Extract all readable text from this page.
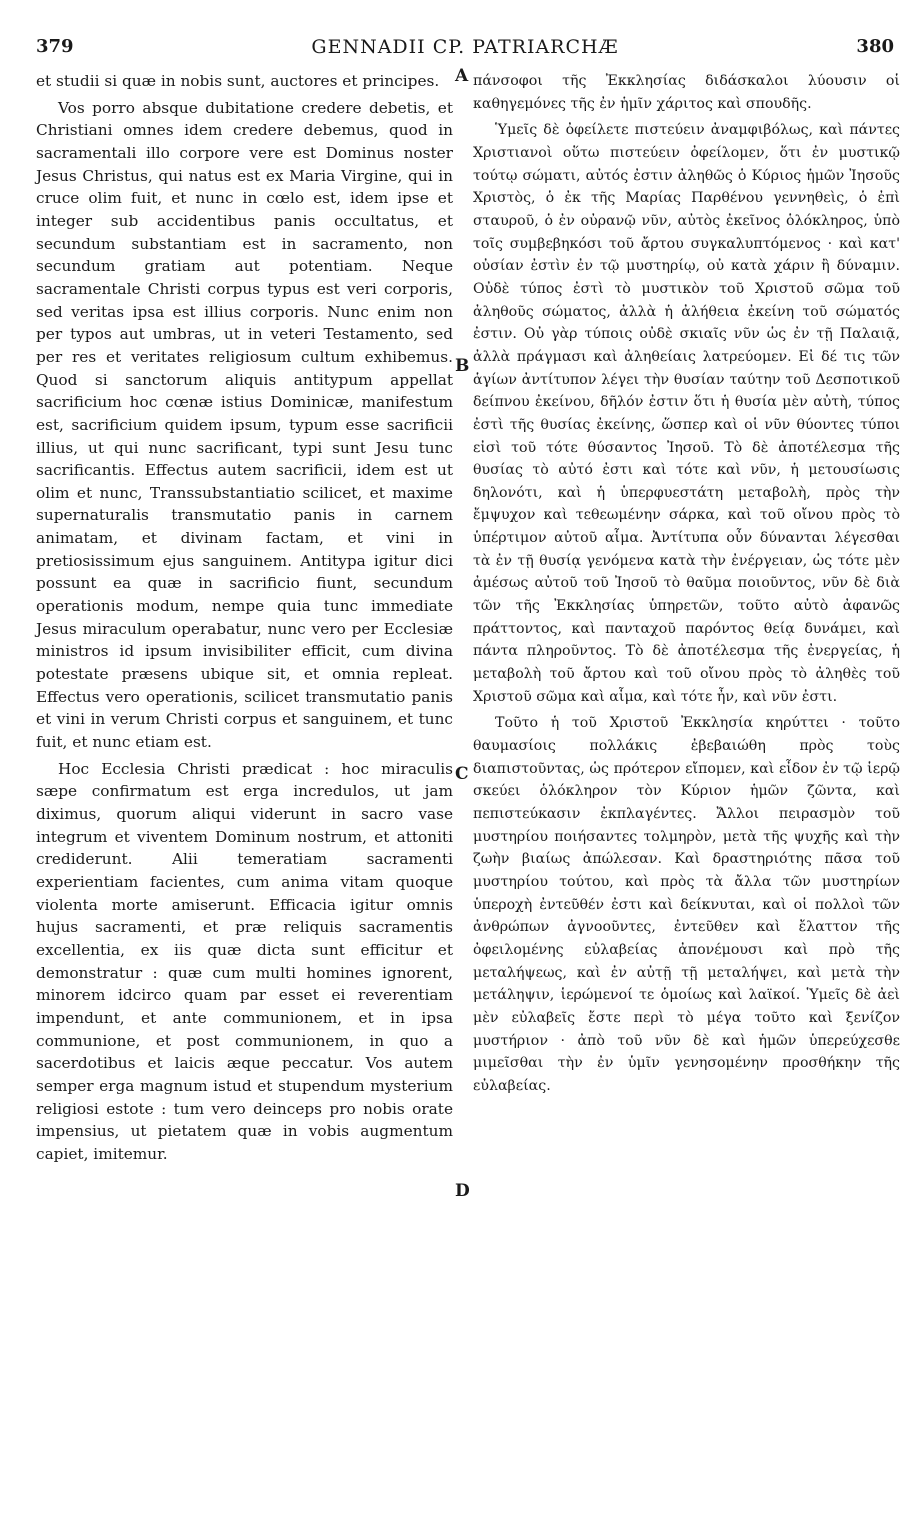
379	GENNADII CP. PATRIARCHÆ	380

et studii si quæ in nobis sunt, auctores et principes.

Vos porro absque dubitatione credere debetis, et Christiani omnes idem credere debemus, quod in sacramentali illo corpore vere est Dominus noster Jesus Christus, qui natus est ex Maria Virgine, qui in cruce olim fuit, et nunc in cœlo est, idem ipse et integer sub accidentibus panis occultatus, et secundum substantiam est in sacramento, non secundum gratiam aut potentiam. Neque sacramentale Christi corpus typus est veri corporis, sed veritas ipsa est illius corporis. Nunc enim non per typos aut umbras, ut in veteri Testamento, sed per res et veritates religiosum cultum exhibemus. Quod si sanctorum aliquis antitypum appellat sacrificium hoc cœnæ istius Dominicæ, manifestum est, sacrificium quidem ipsum, typum esse sacrificii illius, ut qui nunc sacrificant, typi sunt Jesu tunc sacrificantis. Effectus autem sacrificii, idem est ut olim et nunc, Transsubstantiatio scilicet, et maxime supernaturalis transmutatio panis in carnem animatam, et divinam factam, et vini in pretiosissimum ejus sanguinem. Antitypa igitur dici possunt ea quæ in sacrificio fiunt, secundum operationis modum, nempe quia tunc immediate Jesus miraculum operabatur, nunc vero per Ecclesiæ ministros id ipsum invisibiliter efficit, cum divina potestate præsens ubique sit, et omnia repleat. Effectus vero operationis, scilicet transmutatio panis et vini in verum Christi corpus et sanguinem, et tunc fuit, et nunc etiam est.

Hoc Ecclesia Christi prædicat : hoc miraculis sæpe confirmatum est erga incredulos, ut jam diximus, quorum aliqui viderunt in sacro vase integrum et viventem Dominum nostrum, et attoniti crediderunt. Alii temeratiam sacramenti experientiam facientes, cum anima vitam quoque violenta morte amiserunt. Efficacia igitur omnis hujus sacramenti, et præ reliquis sacramentis excellentia, ex iis quæ dicta sunt efficitur et demonstratur : quæ cum multi homines ignorent, minorem idcirco quam par esset ei reverentiam impendunt, et ante communionem, et in ipsa communione, et post communionem, in quo a sacerdotibus et laicis æque peccatur. Vos autem semper erga magnum istud et stupendum mysterium religiosi estote : tum vero deinceps pro nobis orate impensius, ut pietatem quæ in vobis augmentum capiet, imitemur.

A
B
C
D

πάνσοφοι τῆς Ἐκκλησίας διδάσκαλοι λύουσιν οἱ καθηγεμόνες τῆς ἐν ἡμῖν χάριτος καὶ σπουδῆς.

Ὑμεῖς δὲ ὀφείλετε πιστεύειν ἀναμφιβόλως, καὶ πάντες Χριστιανοὶ οὕτω πιστεύειν ὀφείλομεν, ὅτι ἐν μυστικῷ τούτῳ σώματι, αὐτός ἐστιν ἀληθῶς ὁ Κύριος ἡμῶν Ἰησοῦς Χριστὸς, ὁ ἐκ τῆς Μαρίας Παρθένου γεννηθεὶς, ὁ ἐπὶ σταυροῦ, ὁ ἐν οὐρανῷ νῦν, αὐτὸς ἐκεῖνος ὁλόκληρος, ὑπὸ τοῖς συμβεβηκόσι τοῦ ἄρτου συγκαλυπτόμενος · καὶ κατ' οὐσίαν ἐστὶν ἐν τῷ μυστηρίῳ, οὐ κατὰ χάριν ἢ δύναμιν. Οὐδὲ τύπος ἐστὶ τὸ μυστικὸν τοῦ Χριστοῦ σῶμα τοῦ ἀληθοῦς σώματος, ἀλλὰ ἡ ἀλήθεια ἐκείνη τοῦ σώματός ἐστιν. Οὐ γὰρ τύποις οὐδὲ σκιαῖς νῦν ὡς ἐν τῇ Παλαιᾷ, ἀλλὰ πράγμασι καὶ ἀληθείαις λατρεύομεν. Εἰ δέ τις τῶν ἁγίων ἀντίτυπον λέγει τὴν θυσίαν ταύτην τοῦ Δεσποτικοῦ δείπνου ἐκείνου, δῆλόν ἐστιν ὅτι ἡ θυσία μὲν αὐτὴ, τύπος ἐστὶ τῆς θυσίας ἐκείνης, ὥσπερ καὶ οἱ νῦν θύοντες τύποι εἰσὶ τοῦ τότε θύσαντος Ἰησοῦ. Τὸ δὲ ἀποτέλεσμα τῆς θυσίας τὸ αὐτό ἐστι καὶ τότε καὶ νῦν, ἡ μετουσίωσις δηλονότι, καὶ ἡ ὑπερφυεστάτη μεταβολὴ, πρὸς τὴν ἔμψυχον καὶ τεθεωμένην σάρκα, καὶ τοῦ οἴνου πρὸς τὸ ὑπέρτιμον αὐτοῦ αἷμα. Ἀντίτυπα οὖν δύνανται λέγεσθαι τὰ ἐν τῇ θυσίᾳ γενόμενα κατὰ τὴν ἐνέργειαν, ὡς τότε μὲν ἀμέσως αὐτοῦ τοῦ Ἰησοῦ τὸ θαῦμα ποιοῦντος, νῦν δὲ διὰ τῶν τῆς Ἐκκλησίας ὑπηρετῶν, τοῦτο αὐτὸ ἀφανῶς πράττοντος, καὶ πανταχοῦ παρόντος θείᾳ δυνάμει, καὶ πάντα πληροῦντος. Τὸ δὲ ἀποτέλεσμα τῆς ἐνεργείας, ἡ μεταβολὴ τοῦ ἄρτου καὶ τοῦ οἴνου πρὸς τὸ ἀληθὲς τοῦ Χριστοῦ σῶμα καὶ αἷμα, καὶ τότε ἦν, καὶ νῦν ἐστι.

Τοῦτο ἡ τοῦ Χριστοῦ Ἐκκλησία κηρύττει · τοῦτο θαυμασίοις πολλάκις ἐβεβαιώθη πρὸς τοὺς διαπιστοῦντας, ὡς πρότερον εἴπομεν, καὶ εἶδον ἐν τῷ ἱερῷ σκεύει ὁλόκληρον τὸν Κύριον ἡμῶν ζῶντα, καὶ πεπιστεύκασιν ἐκπλαγέντες. Ἄλλοι πειρασμὸν τοῦ μυστηρίου ποιήσαντες τολμηρὸν, μετὰ τῆς ψυχῆς καὶ τὴν ζωὴν βιαίως ἀπώλεσαν. Καὶ δραστηριότης πᾶσα τοῦ μυστηρίου τούτου, καὶ πρὸς τὰ ἄλλα τῶν μυστηρίων ὑπεροχὴ ἐντεῦθέν ἐστι καὶ δείκνυται, καὶ οἱ πολλοὶ τῶν ἀνθρώπων ἀγνοοῦντες, ἐντεῦθεν καὶ ἔλαττον τῆς ὀφειλομένης εὐλαβείας ἀπονέμουσι καὶ πρὸ τῆς μεταλήψεως, καὶ ἐν αὐτῇ τῇ μεταλήψει, καὶ μετὰ τὴν μετάληψιν, ἱερώμενοί τε ὁμοίως καὶ λαϊκοί. Ὑμεῖς δὲ ἀεὶ μὲν εὐλαβεῖς ἔστε περὶ τὸ μέγα τοῦτο καὶ ξενίζον μυστήριον · ἀπὸ τοῦ νῦν δὲ καὶ ἡμῶν ὑπερεύχεσθε μιμεῖσθαι τὴν ἐν ὑμῖν γενησομένην προσθήκην τῆς εὐλαβείας.
